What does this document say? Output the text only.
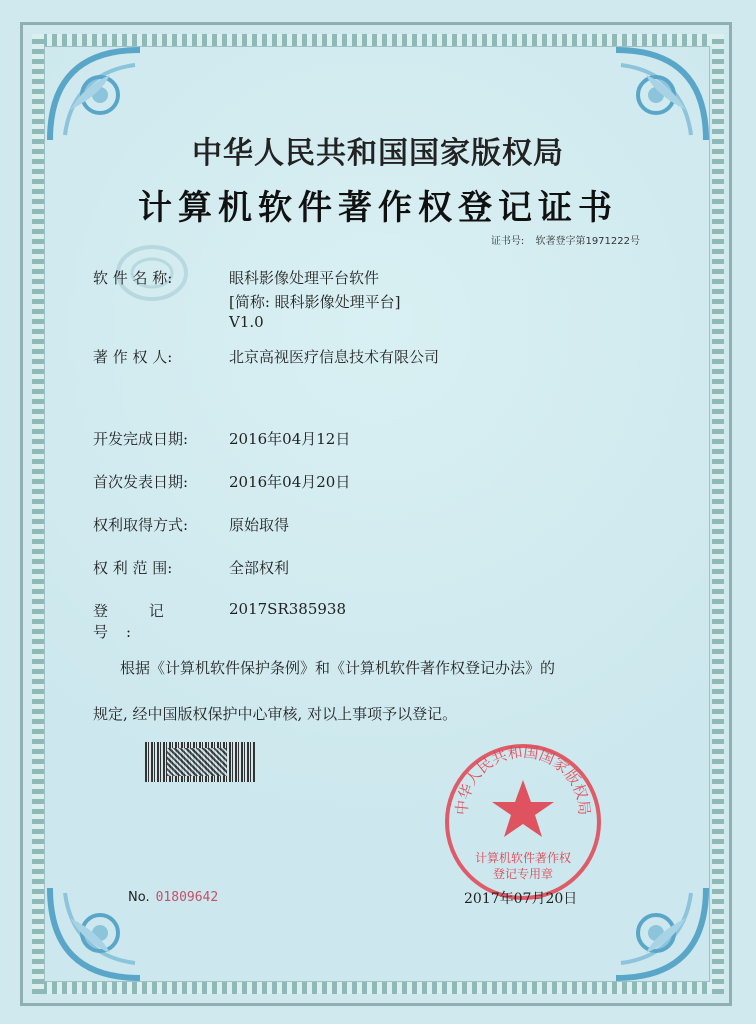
中华人民共和国国家版权局
计算机软件著作权登记证书
证书号: 软著登字第1971222号
软 件 名 称:	眼科影像处理平台软件
[简称: 眼科影像处理平台]
V1.0
著 作 权 人:	北京高视医疗信息技术有限公司
开发完成日期:	2016年04月12日
首次发表日期:	2016年04月20日
权利取得方式:	原始取得
权 利 范 围:	全部权利
登 记 号:
2017SR385938
根据《计算机软件保护条例》和《计算机软件著作权登记办法》的
规定, 经中国版权保护中心审核, 对以上事项予以登记。
中华人民共和国国家版权局
计算机软件著作权
登记专用章
No. 01809642	2017年07月20日
